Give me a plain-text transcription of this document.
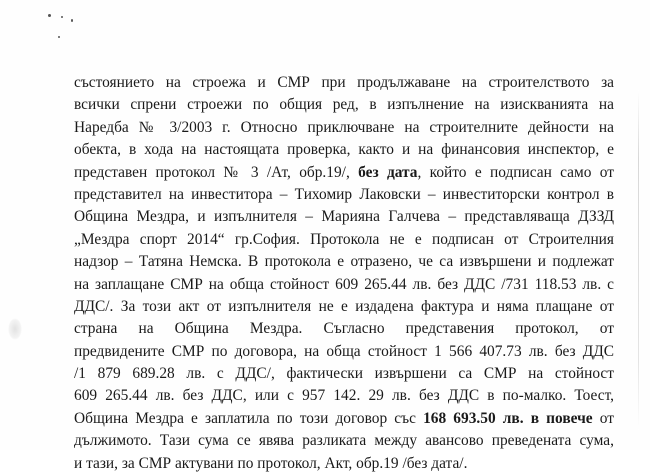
състоянието на строежа и СМР при продължаване на строителството за
всички спрени строежи по общия ред, в изпълнение на изискванията на
Наредба № 3/2003 г. Относно приключване на строителните дейности на
обекта, в хода на настоящата проверка, както и на финансовия инспектор, е
представен протокол № 3 /Ат, обр.19/, без дата, който е подписан само от
представител на инвеститора – Тихомир Лаковски – инвеститорски контрол в
Община Мездра, и изпълнителя – Марияна Галчева – представляваща ДЗЗД
„Мездра спорт 2014“ гр.София. Протокола не е подписан от Строителния
надзор – Татяна Немска. В протокола е отразено, че са извършени и подлежат
на заплащане СМР на обща стойност 609 265.44 лв. без ДДС /731 118.53 лв. с
ДДС/. За този акт от изпълнителя не е издадена фактура и няма плащане от
страна на Община Мездра. Съгласно представения протокол, от
предвидените СМР по договора, на обща стойност 1 566 407.73 лв. без ДДС
/1 879 689.28 лв. с ДДС/, фактически извършени са СМР на стойност
609 265.44 лв. без ДДС, или с 957 142. 29 лв. без ДДС в по-малко. Тоест,
Община Мездра е заплатила по този договор със 168 693.50 лв. в повече от
дължимото. Тази сума се явява разликата между авансово преведената сума,
и тази, за СМР актувани по протокол, Акт, обр.19 /без дата/.
